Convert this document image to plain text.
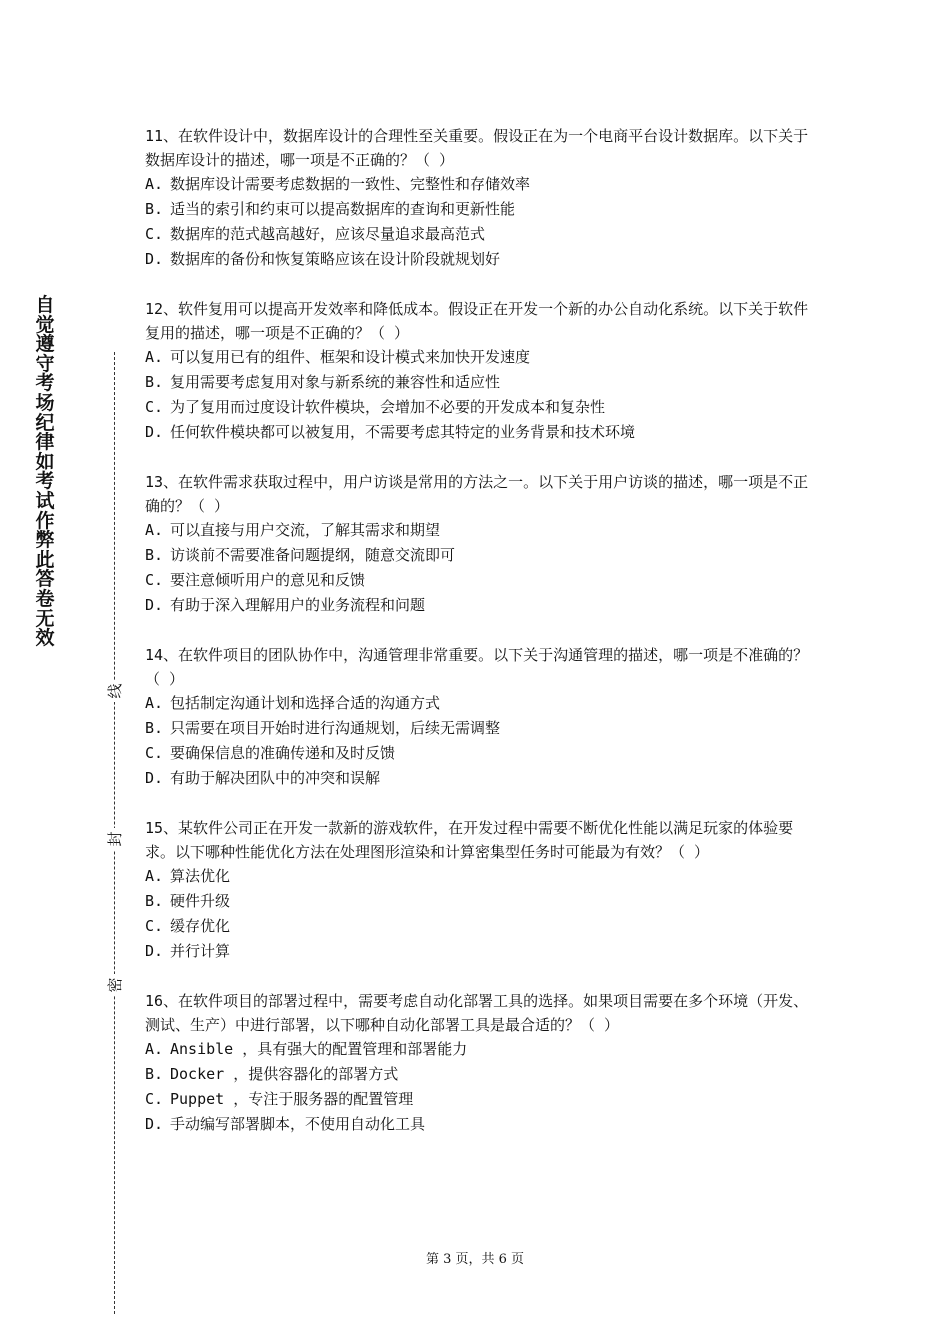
自觉遵守考场纪律如考试作弊此答卷无效
线
封
密

11、在软件设计中，数据库设计的合理性至关重要。假设正在为一个电商平台设计数据库。以下关于数据库设计的描述，哪一项是不正确的？（ ）

A. 数据库设计需要考虑数据的一致性、完整性和存储效率
B. 适当的索引和约束可以提高数据库的查询和更新性能
C. 数据库的范式越高越好，应该尽量追求最高范式
D. 数据库的备份和恢复策略应该在设计阶段就规划好

12、软件复用可以提高开发效率和降低成本。假设正在开发一个新的办公自动化系统。以下关于软件复用的描述，哪一项是不正确的？（ ）

A. 可以复用已有的组件、框架和设计模式来加快开发速度
B. 复用需要考虑复用对象与新系统的兼容性和适应性
C. 为了复用而过度设计软件模块，会增加不必要的开发成本和复杂性
D. 任何软件模块都可以被复用，不需要考虑其特定的业务背景和技术环境

13、在软件需求获取过程中，用户访谈是常用的方法之一。以下关于用户访谈的描述，哪一项是不正确的？（ ）

A. 可以直接与用户交流，了解其需求和期望
B. 访谈前不需要准备问题提纲，随意交流即可
C. 要注意倾听用户的意见和反馈
D. 有助于深入理解用户的业务流程和问题

14、在软件项目的团队协作中，沟通管理非常重要。以下关于沟通管理的描述，哪一项是不准确的？（ ）

A. 包括制定沟通计划和选择合适的沟通方式
B. 只需要在项目开始时进行沟通规划，后续无需调整
C. 要确保信息的准确传递和及时反馈
D. 有助于解决团队中的冲突和误解

15、某软件公司正在开发一款新的游戏软件，在开发过程中需要不断优化性能以满足玩家的体验要求。以下哪种性能优化方法在处理图形渲染和计算密集型任务时可能最为有效？（ ）

A. 算法优化
B. 硬件升级
C. 缓存优化
D. 并行计算

16、在软件项目的部署过程中，需要考虑自动化部署工具的选择。如果项目需要在多个环境（开发、测试、生产）中进行部署，以下哪种自动化部署工具是最合适的？（ ）

A. Ansible ，具有强大的配置管理和部署能力
B. Docker ，提供容器化的部署方式
C. Puppet ，专注于服务器的配置管理
D. 手动编写部署脚本，不使用自动化工具
第 3 页，共 6 页
